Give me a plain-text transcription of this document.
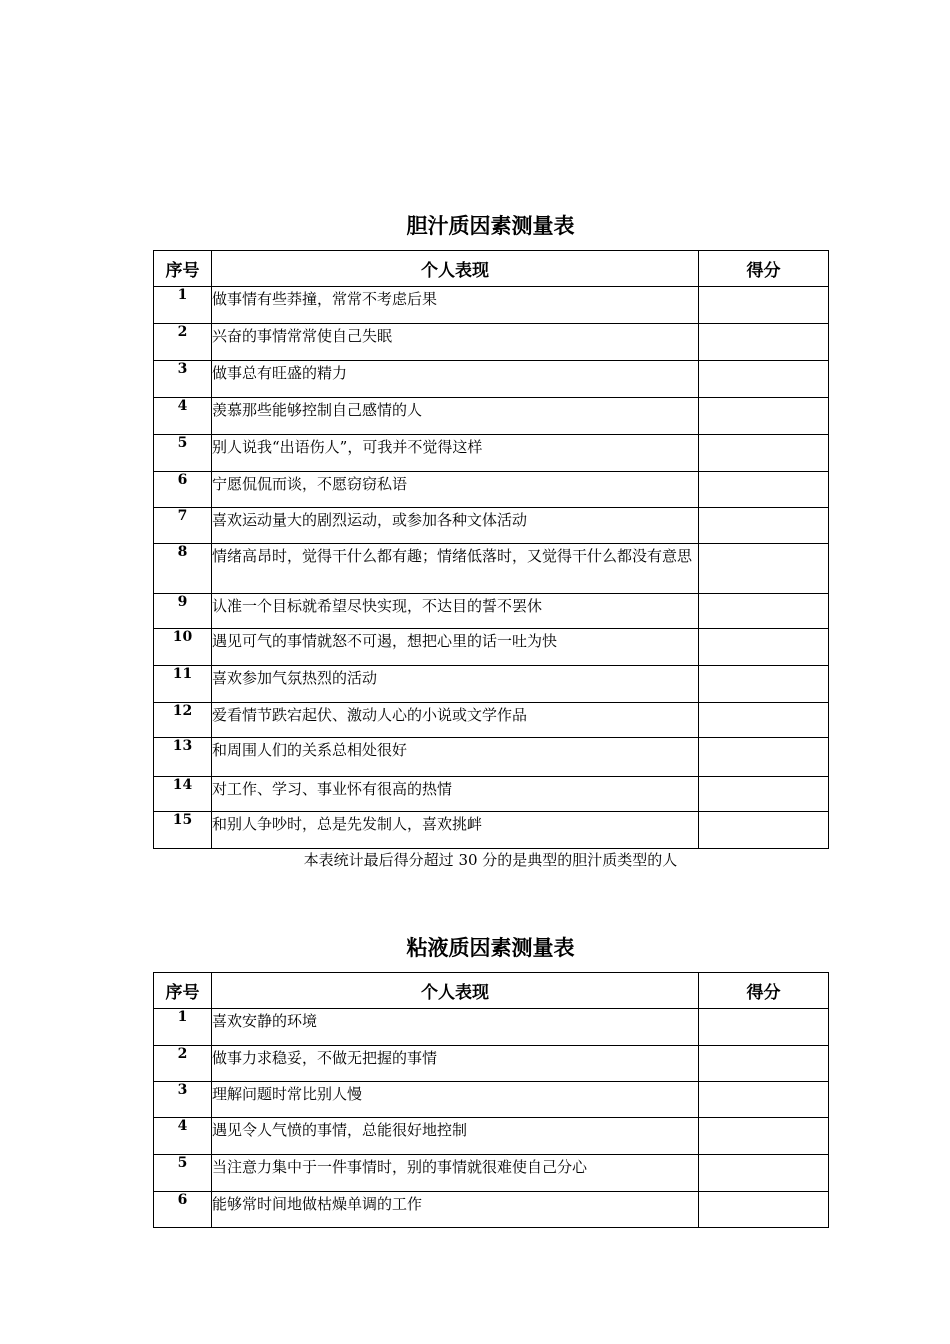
胆汁质因素测量表
序号	个人表现	得分
1	做事情有些莽撞，常常不考虑后果	
2	兴奋的事情常常使自己失眠	
3	做事总有旺盛的精力	
4	羡慕那些能够控制自己感情的人	
5	别人说我“出语伤人”，可我并不觉得这样	
6	宁愿侃侃而谈，不愿窃窃私语	
7	喜欢运动量大的剧烈运动，或参加各种文体活动	
8	情绪高昂时，觉得干什么都有趣；情绪低落时，又觉得干什么都没有意思	
9	认准一个目标就希望尽快实现，不达目的誓不罢休	
10	遇见可气的事情就怒不可遏，想把心里的话一吐为快	
11	喜欢参加气氛热烈的活动	
12	爱看情节跌宕起伏、激动人心的小说或文学作品	
13	和周围人们的关系总相处很好	
14	对工作、学习、事业怀有很高的热情	
15	和别人争吵时，总是先发制人，喜欢挑衅	
本表统计最后得分超过 30 分的是典型的胆汁质类型的人
粘液质因素测量表
序号	个人表现	得分
1	喜欢安静的环境	
2	做事力求稳妥，不做无把握的事情	
3	理解问题时常比别人慢	
4	遇见令人气愤的事情，总能很好地控制	
5	当注意力集中于一件事情时，别的事情就很难使自己分心	
6	能够常时间地做枯燥单调的工作	
